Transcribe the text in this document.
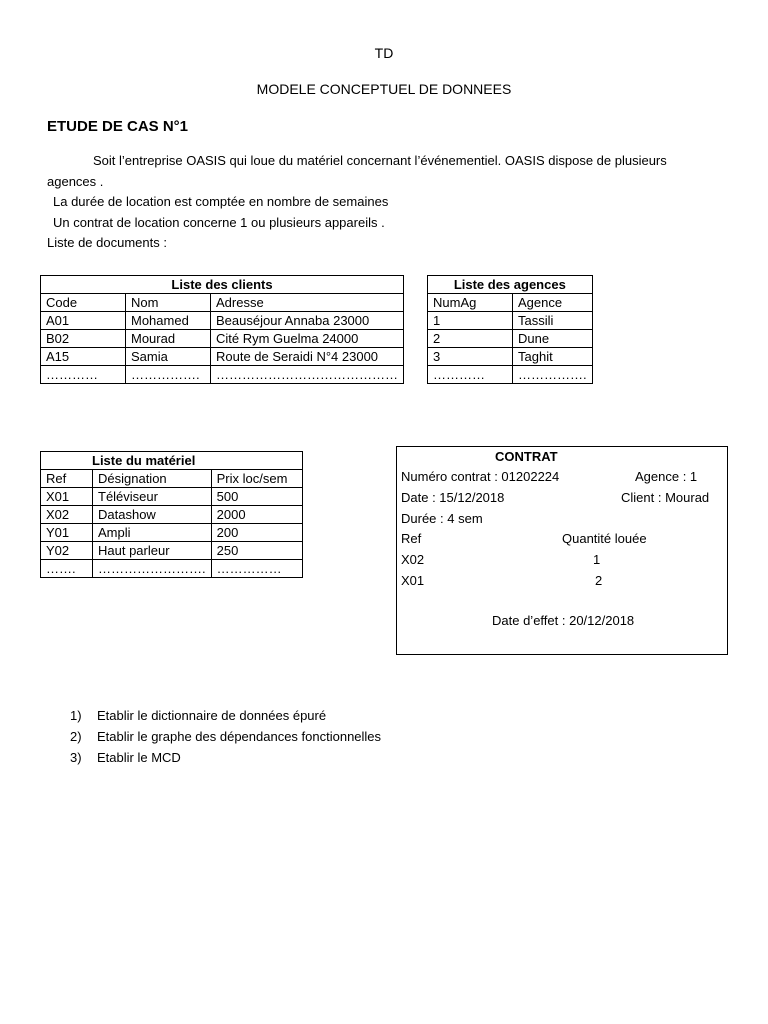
TD
MODELE CONCEPTUEL DE DONNEES
ETUDE DE CAS N°1
Soit l’entreprise OASIS qui loue du matériel concernant l’événementiel. OASIS dispose de plusieurs
agences .
La durée de location est comptée en nombre de semaines
Un contrat de location concerne 1 ou plusieurs appareils .
Liste de documents :
Liste des clients		
Code	Nom	Adresse
A01	Mohamed	Beauséjour Annaba 23000
B02	Mourad	Cité Rym Guelma 24000
A15	Samia	Route de Seraidi N°4 23000
…………	…………….	……………………………………
Liste des agences	
NumAg	Agence
1	Tassili
2	Dune
3	Taghit
…………	…………….
Liste du matériel		
Ref	Désignation	Prix loc/sem
X01	Téléviseur	500
X02	Datashow	2000
Y01	Ampli	200
Y02	Haut parleur	250
…….	…………………….	……………
CONTRAT
Numéro contrat : 01202224	Agence : 1
Date : 15/12/2018	Client : Mourad
Durée : 4 sem
Ref	Quantité louée
X02	1
X01	2
Date d’effet : 20/12/2018
1) Etablir le dictionnaire de données épuré
2) Etablir le graphe des dépendances fonctionnelles
3) Etablir le MCD
